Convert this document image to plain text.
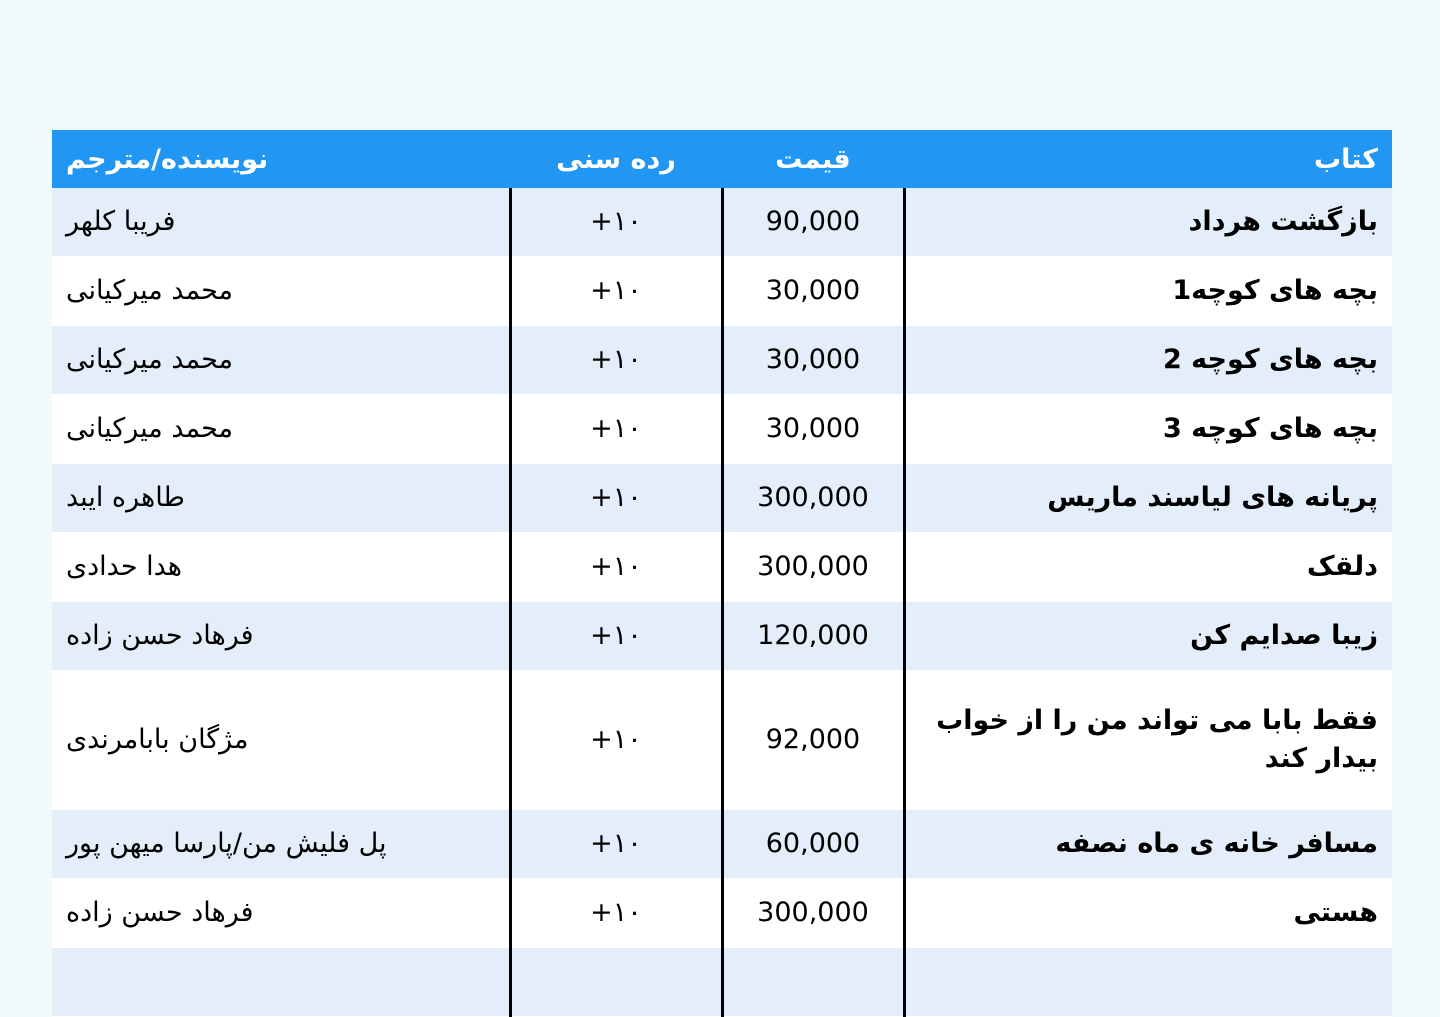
کتاب	قیمت	رده سنی	نویسنده/مترجم
بازگشت هرداد	90,000	۱۰+	فریبا کلهر
بچه های کوچه1	30,000	۱۰+	محمد میرکیانی
بچه های کوچه 2	30,000	۱۰+	محمد میرکیانی
بچه های کوچه 3	30,000	۱۰+	محمد میرکیانی
پریانه های لیاسند ماریس	300,000	۱۰+	طاهره ایبد
دلقک	300,000	۱۰+	هدا حدادی
زیبا صدایم کن	120,000	۱۰+	فرهاد حسن زاده
فقط بابا می تواند من را از خواب بیدار کند	92,000	۱۰+	مژگان بابامرندی
مسافر خانه ی ماه نصفه	60,000	۱۰+	پل فلیش من/پارسا میهن پور
هستی	300,000	۱۰+	فرهاد حسن زاده
